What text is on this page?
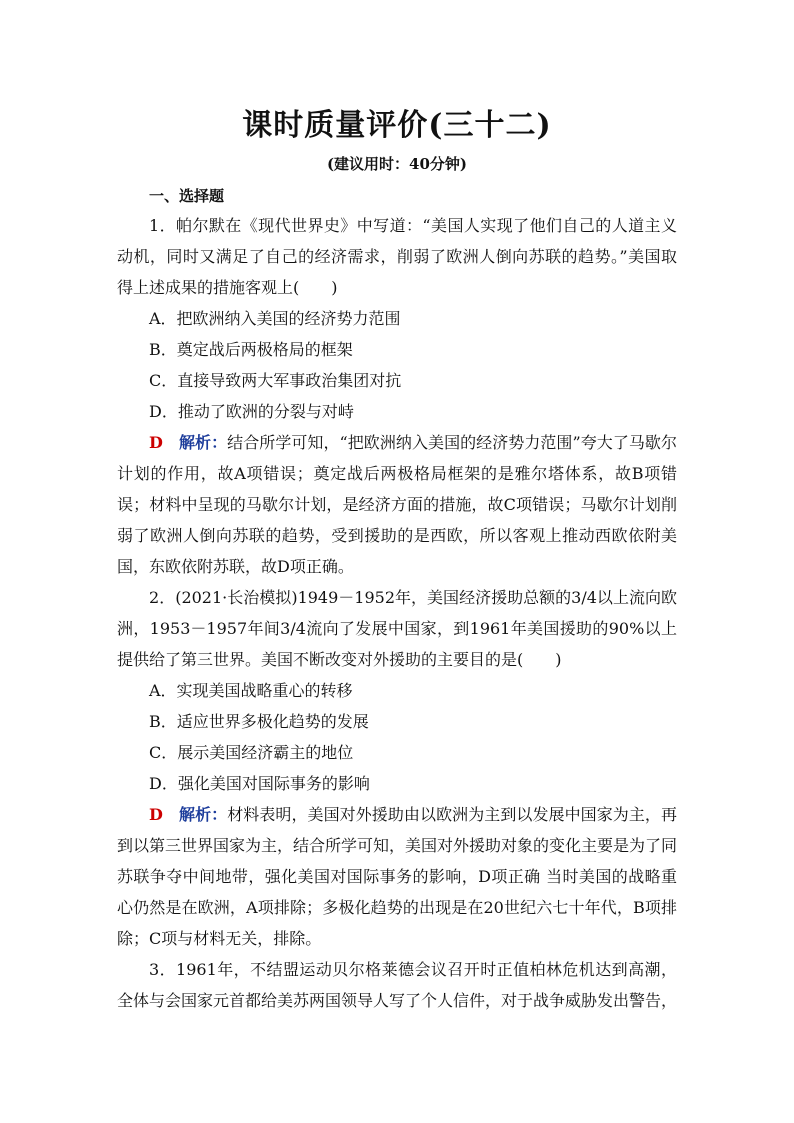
课时质量评价(三十二)
(建议用时：40分钟)
一、选择题

1．帕尔默在《现代世界史》中写道：“美国人实现了他们自己的人道主义动机，同时又满足了自己的经济需求，削弱了欧洲人倒向苏联的趋势。”美国取得上述成果的措施客观上(　　)

A．把欧洲纳入美国的经济势力范围

B．奠定战后两极格局的框架

C．直接导致两大军事政治集团对抗

D．推动了欧洲的分裂与对峙

D　 解析：结合所学可知，“把欧洲纳入美国的经济势力范围”夸大了马歇尔计划的作用，故A项错误；奠定战后两极格局框架的是雅尔塔体系，故B项错误；材料中呈现的马歇尔计划，是经济方面的措施，故C项错误；马歇尔计划削弱了欧洲人倒向苏联的趋势，受到援助的是西欧，所以客观上推动西欧依附美国，东欧依附苏联，故D项正确。

2．(2021·长治模拟)1949－1952年，美国经济援助总额的3/4以上流向欧洲，1953－1957年间3/4流向了发展中国家，到1961年美国援助的90%以上提供给了第三世界。美国不断改变对外援助的主要目的是(　　)

A．实现美国战略重心的转移

B．适应世界多极化趋势的发展

C．展示美国经济霸主的地位

D．强化美国对国际事务的影响

D　 解析：材料表明，美国对外援助由以欧洲为主到以发展中国家为主，再到以第三世界国家为主，结合所学可知，美国对外援助对象的变化主要是为了同苏联争夺中间地带，强化美国对国际事务的影响，D项正确 当时美国的战略重心仍然是在欧洲，A项排除；多极化趋势的出现是在20世纪六七十年代，B项排除；C项与材料无关，排除。

3．1961年，不结盟运动贝尔格莱德会议召开时正值柏林危机达到高潮，全体与会国家元首都给美苏两国领导人写了个人信件，对于战争威胁发出警告，
